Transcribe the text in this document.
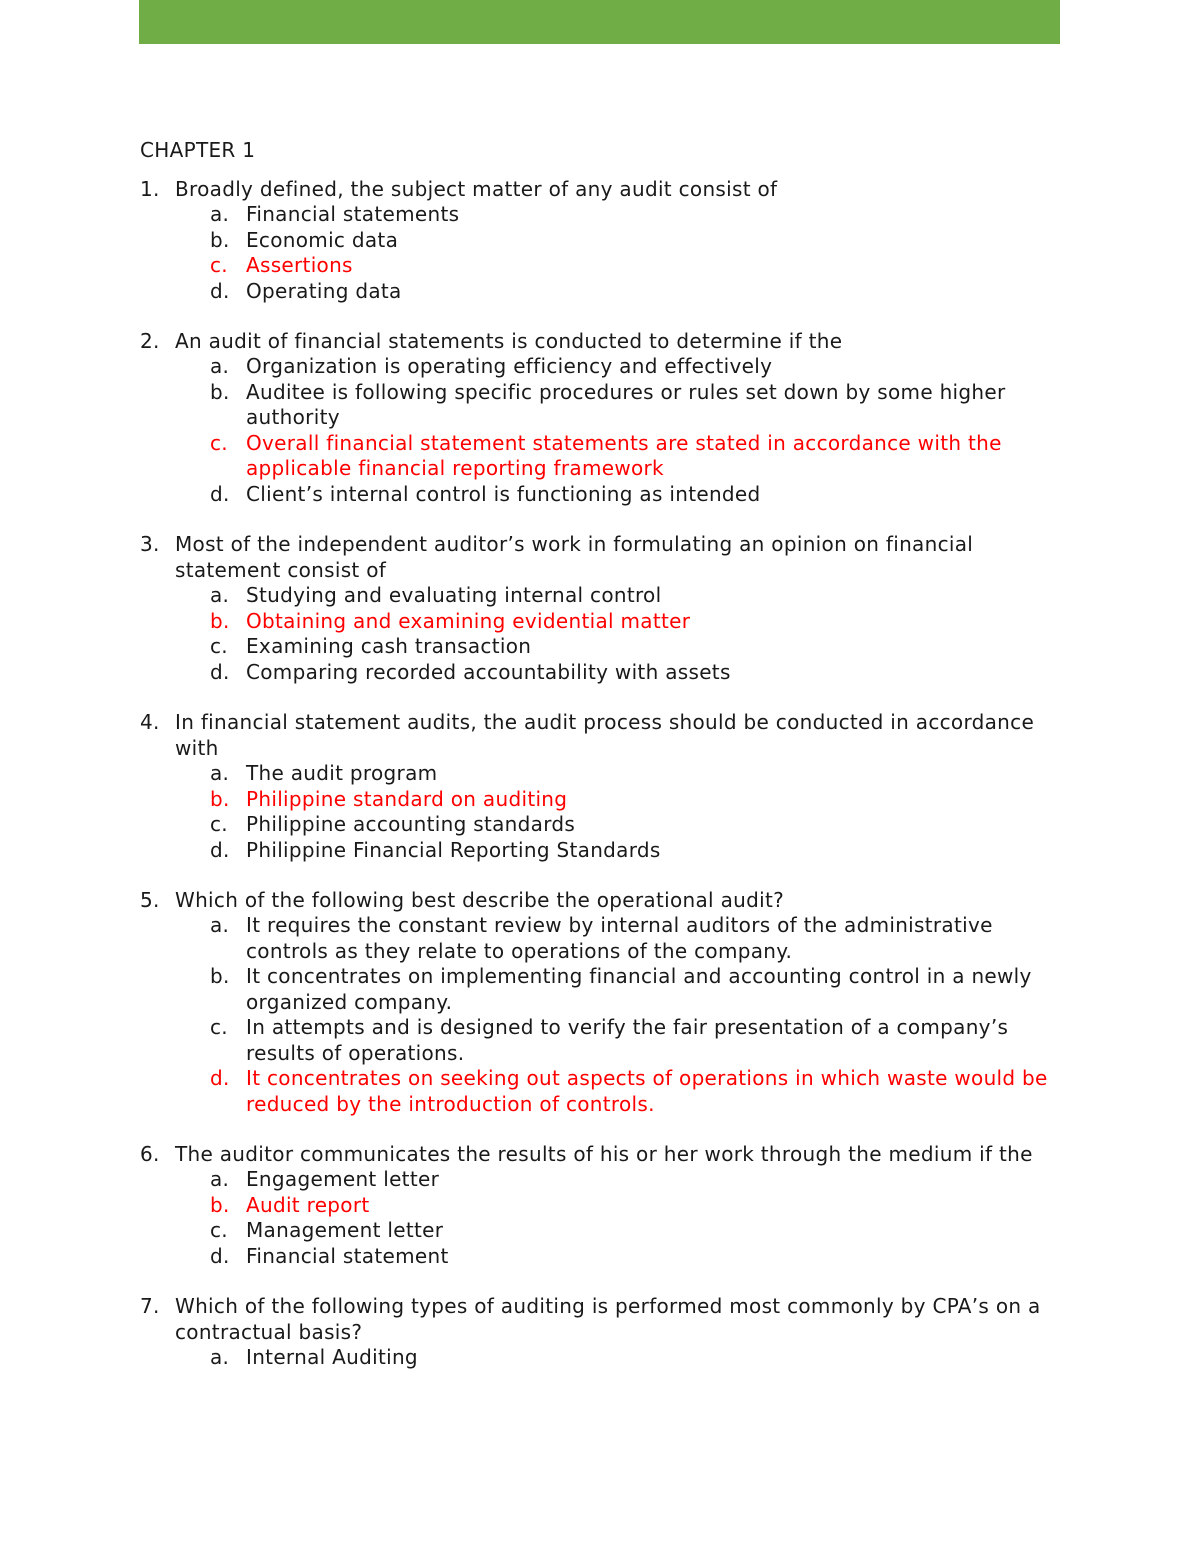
CHAPTER 1
1. Broadly defined, the subject matter of any audit consist of
a. Financial statements
b. Economic data
c. Assertions
d. Operating data
2. An audit of financial statements is conducted to determine if the
a. Organization is operating efficiency and effectively
b. Auditee is following specific procedures or rules set down by some higher authority
c. Overall financial statement statements are stated in accordance with the applicable financial reporting framework
d. Client’s internal control is functioning as intended
3. Most of the independent auditor’s work in formulating an opinion on financial statement consist of
a. Studying and evaluating internal control
b. Obtaining and examining evidential matter
c. Examining cash transaction
d. Comparing recorded accountability with assets
4. In financial statement audits, the audit process should be conducted in accordance with
a. The audit program
b. Philippine standard on auditing
c. Philippine accounting standards
d. Philippine Financial Reporting Standards
5. Which of the following best describe the operational audit?
a. It requires the constant review by internal auditors of the administrative controls as they relate to operations of the company.
b. It concentrates on implementing financial and accounting control in a newly organized company.
c. In attempts and is designed to verify the fair presentation of a company’s results of operations.
d. It concentrates on seeking out aspects of operations in which waste would be reduced by the introduction of controls.
6. The auditor communicates the results of his or her work through the medium if the
a. Engagement letter
b. Audit report
c. Management letter
d. Financial statement
7. Which of the following types of auditing is performed most commonly by CPA’s on a contractual basis?
a. Internal Auditing
